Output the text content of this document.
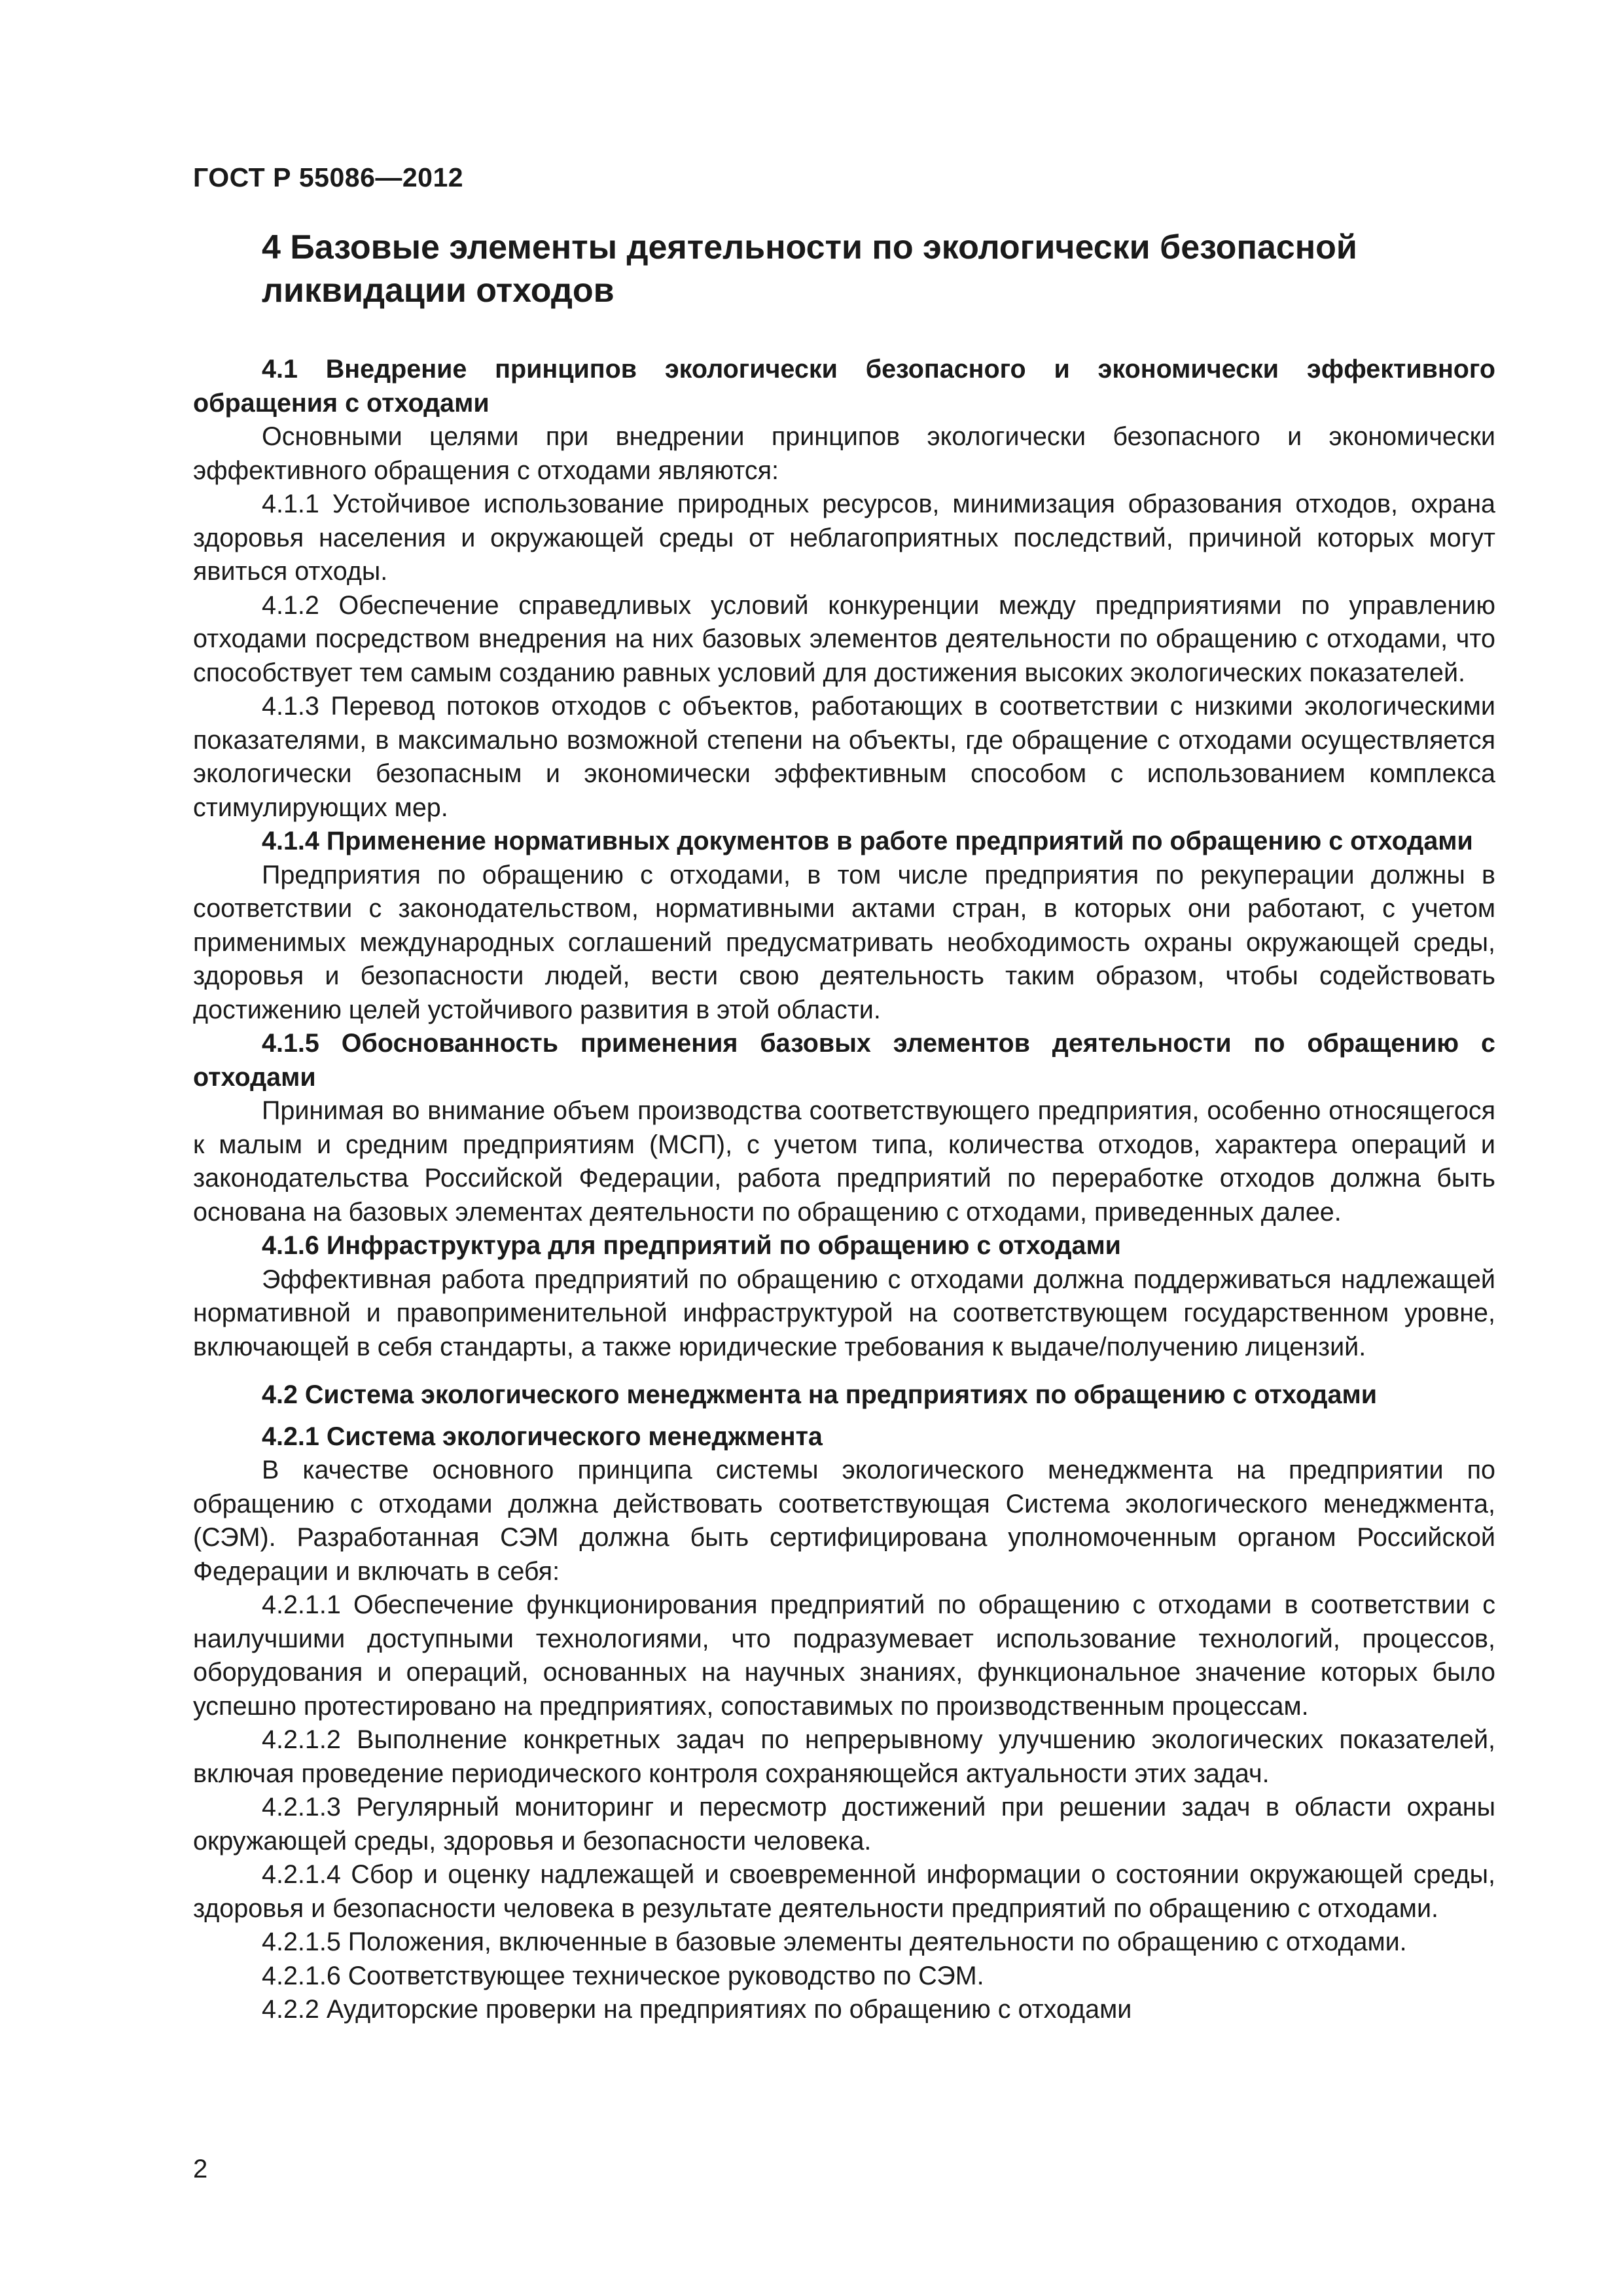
ГОСТ Р 55086—2012
4 Базовые элементы деятельности по экологически безопасной ликвидации отходов
4.1 Внедрение принципов экологически безопасного и экономически эффективного обращения с отходами

Основными целями при внедрении принципов экологически безопасного и экономически эффективного обращения с отходами являются:

4.1.1 Устойчивое использование природных ресурсов, минимизация образования отходов, охрана здоровья населения и окружающей среды от неблагоприятных последствий, причиной которых могут явиться отходы.

4.1.2 Обеспечение справедливых условий конкуренции между предприятиями по управлению отходами посредством внедрения на них базовых элементов деятельности по обращению с отходами, что способствует тем самым созданию равных условий для достижения высоких экологических показателей.

4.1.3 Перевод потоков отходов с объектов, работающих в соответствии с низкими экологическими показателями, в максимально возможной степени на объекты, где обращение с отходами осуществляется экологически безопасным и экономически эффективным способом с использованием комплекса стимулирующих мер.

4.1.4 Применение нормативных документов в работе предприятий по обращению с отходами

Предприятия по обращению с отходами, в том числе предприятия по рекуперации должны в соответствии с законодательством, нормативными актами стран, в которых они работают, с учетом применимых международных соглашений предусматривать необходимость охраны окружающей среды, здоровья и безопасности людей, вести свою деятельность таким образом, чтобы содействовать достижению целей устойчивого развития в этой области.

4.1.5 Обоснованность применения базовых элементов деятельности по обращению с отходами

Принимая во внимание объем производства соответствующего предприятия, особенно относящегося к малым и средним предприятиям (МСП), с учетом типа, количества отходов, характера операций и законодательства Российской Федерации, работа предприятий по переработке отходов должна быть основана на базовых элементах деятельности по обращению с отходами, приведенных далее.

4.1.6 Инфраструктура для предприятий по обращению с отходами

Эффективная работа предприятий по обращению с отходами должна поддерживаться надлежащей нормативной и правоприменительной инфраструктурой на соответствующем государственном уровне, включающей в себя стандарты, а также юридические требования к выдаче/получению лицензий.

4.2 Система экологического менеджмента на предприятиях по обращению с отходами
4.2.1 Система экологического менеджмента

В качестве основного принципа системы экологического менеджмента на предприятии по обращению с отходами должна действовать соответствующая Система экологического менеджмента, (СЭМ). Разработанная СЭМ должна быть сертифицирована уполномоченным органом Российской Федерации и включать в себя:

4.2.1.1 Обеспечение функционирования предприятий по обращению с отходами в соответствии с наилучшими доступными технологиями, что подразумевает использование технологий, процессов, оборудования и операций, основанных на научных знаниях, функциональное значение которых было успешно протестировано на предприятиях, сопоставимых по производственным процессам.

4.2.1.2 Выполнение конкретных задач по непрерывному улучшению экологических показателей, включая проведение периодического контроля сохраняющейся актуальности этих задач.

4.2.1.3 Регулярный мониторинг и пересмотр достижений при решении задач в области охраны окружающей среды, здоровья и безопасности человека.

4.2.1.4 Сбор и оценку надлежащей и своевременной информации о состоянии окружающей среды, здоровья и безопасности человека в результате деятельности предприятий по обращению с отходами.

4.2.1.5 Положения, включенные в базовые элементы деятельности по обращению с отходами.

4.2.1.6 Соответствующее техническое руководство по СЭМ.

4.2.2 Аудиторские проверки на предприятиях по обращению с отходами

2
